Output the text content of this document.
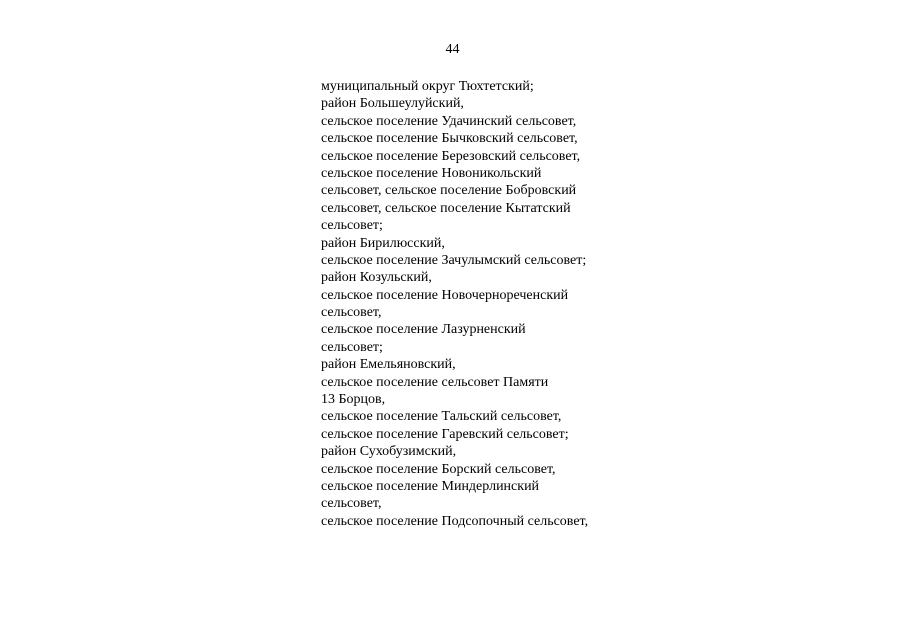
44
муниципальный округ Тюхтетский;
район Большеулуйский,
сельское поселение Удачинский сельсовет,
сельское поселение Бычковский сельсовет,
сельское поселение Березовский сельсовет,
сельское поселение Новоникольский
сельсовет, сельское поселение Бобровский
сельсовет, сельское поселение Кытатский
сельсовет;
район Бирилюсский,
сельское поселение Зачулымский сельсовет;
район Козульский,
сельское поселение Новочернореченский
сельсовет,
сельское поселение Лазурненский
сельсовет;
район Емельяновский,
сельское поселение сельсовет Памяти
13 Борцов,
сельское поселение Тальский сельсовет,
сельское поселение Гаревский сельсовет;
район Сухобузимский,
сельское поселение Борский сельсовет,
сельское поселение Миндерлинский
сельсовет,
сельское поселение Подсопочный сельсовет,
